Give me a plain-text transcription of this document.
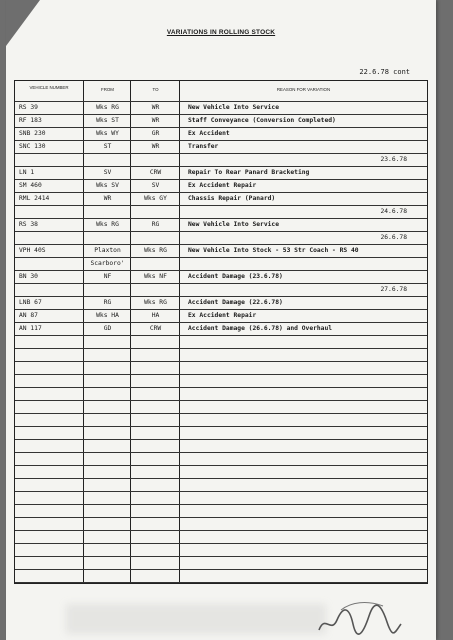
VARIATIONS IN ROLLING STOCK
22.6.78 cont
VEHICLE NUMBER	FROM	TO	REASON FOR VARIATION
RS 39	Wks RG	WR	New Vehicle Into Service
RF 183	Wks ST	WR	Staff Conveyance (Conversion Completed)
SNB 230	Wks WY	GR	Ex Accident
SNC 130	ST	WR	Transfer
23.6.78
LN 1	SV	CRW	Repair To Rear Panard Bracketing
SM 460	Wks SV	SV	Ex Accident Repair
RML 2414	WR	Wks GY	Chassis Repair (Panard)
24.6.78
RS 38	Wks RG	RG	New Vehicle Into Service
26.6.78
VPH 40S	Plaxton	Wks RG	New Vehicle Into Stock - 53 Str Coach - RS 40
Scarboro'
BN 30	NF	Wks NF	Accident Damage (23.6.78)
27.6.78
LNB 67	RG	Wks RG	Accident Damage (22.6.78)
AN 87	Wks HA	HA	Ex Accident Repair
AN 117	GD	CRW	Accident Damage (26.6.78) and Overhaul
